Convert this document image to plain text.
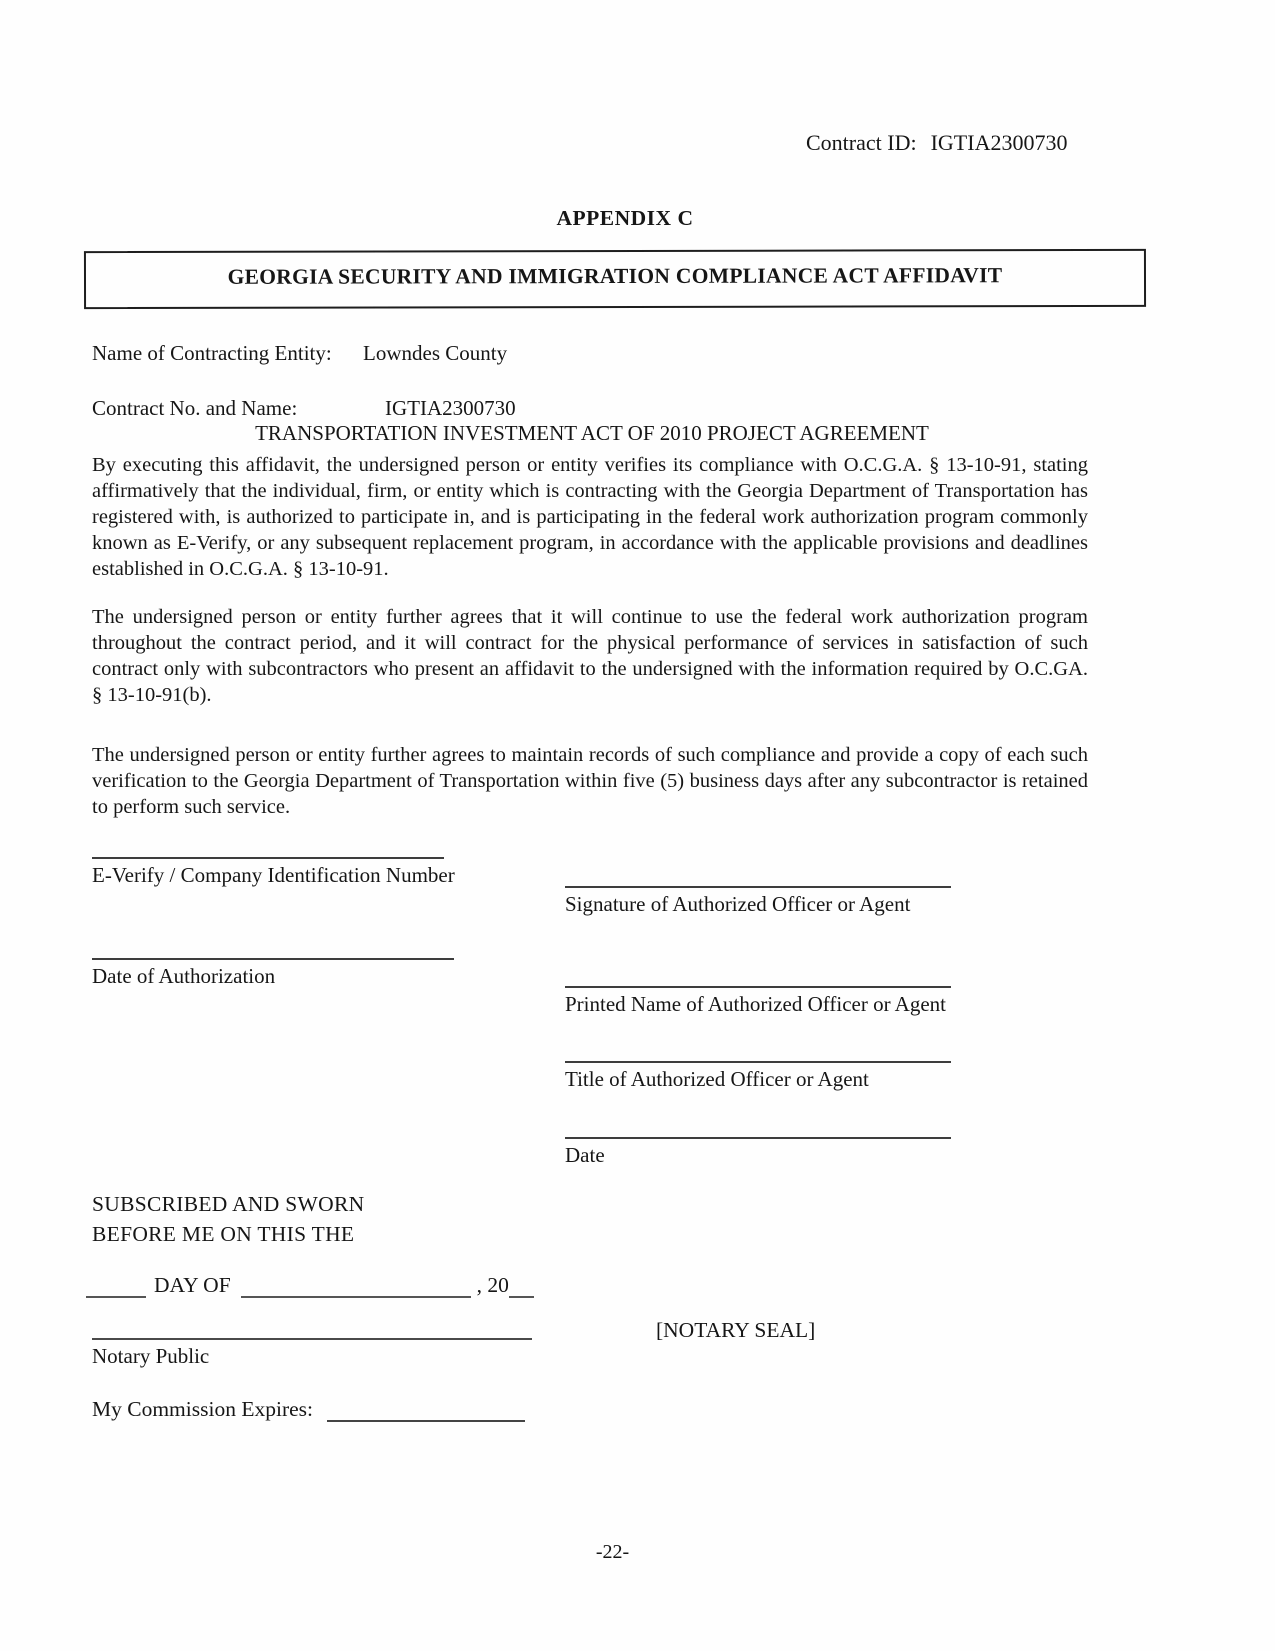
Contract ID: IGTIA2300730
APPENDIX C
GEORGIA SECURITY AND IMMIGRATION COMPLIANCE ACT AFFIDAVIT
Name of Contracting Entity: Lowndes County
Contract No. and Name:	IGTIA2300730
TRANSPORTATION INVESTMENT ACT OF 2010 PROJECT AGREEMENT
By executing this affidavit, the undersigned person or entity verifies its compliance with O.C.G.A. § 13-10-91, stating affirmatively that the individual, firm, or entity which is contracting with the Georgia Department of Transportation has registered with, is authorized to participate in, and is participating in the federal work authorization program commonly known as E-Verify, or any subsequent replacement program, in accordance with the applicable provisions and deadlines established in O.C.G.A. § 13-10-91.
The undersigned person or entity further agrees that it will continue to use the federal work authorization program throughout the contract period, and it will contract for the physical performance of services in satisfaction of such contract only with subcontractors who present an affidavit to the undersigned with the information required by O.C.GA. § 13-10-91(b).
The undersigned person or entity further agrees to maintain records of such compliance and provide a copy of each such verification to the Georgia Department of Transportation within five (5) business days after any subcontractor is retained to perform such service.
E-Verify / Company Identification Number
Signature of Authorized Officer or Agent
Date of Authorization
Printed Name of Authorized Officer or Agent
Title of Authorized Officer or Agent
Date
SUBSCRIBED AND SWORN
BEFORE ME ON THIS THE
DAY OF	, 20
[NOTARY SEAL]
Notary Public
My Commission Expires:
-22-
